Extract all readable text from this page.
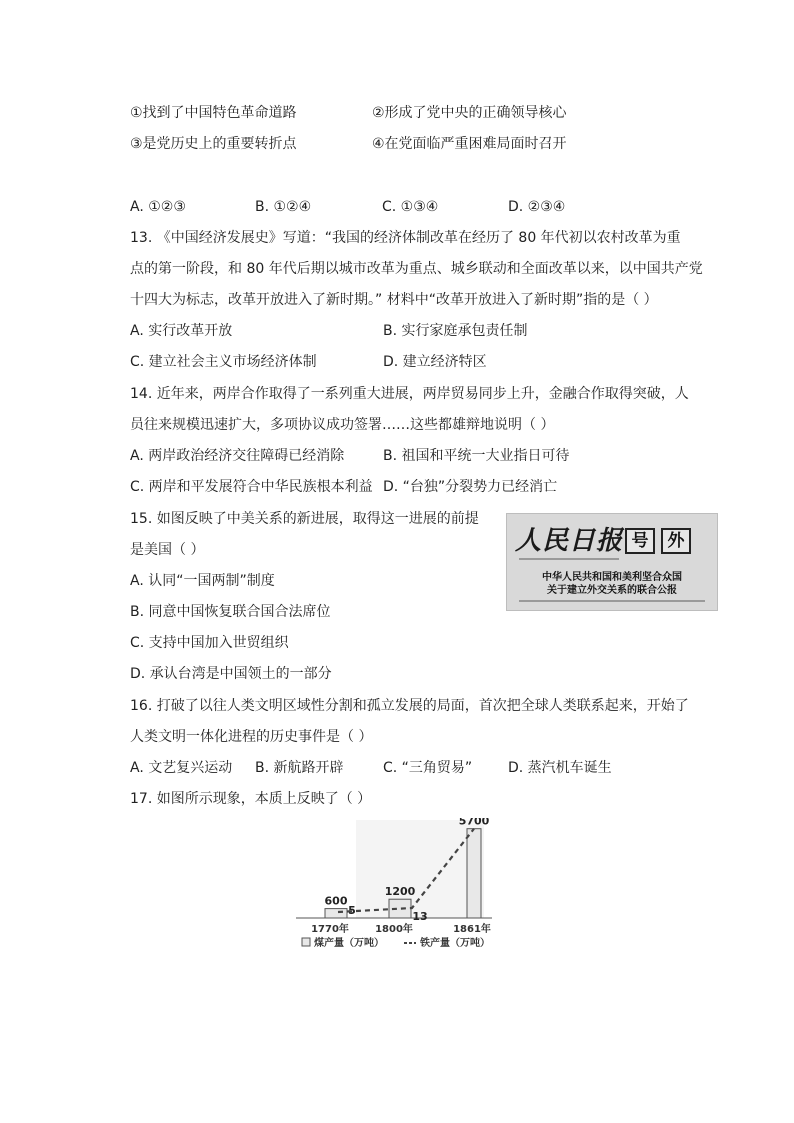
①找到了中国特色革命道路	②形成了党中央的正确领导核心
③是党历史上的重要转折点	④在党面临严重困难局面时召开
A. ①②③	B. ①②④	C. ①③④	D. ②③④
13. 《中国经济发展史》写道：“我国的经济体制改革在经历了 80 年代初以农村改革为重
点的第一阶段，和 80 年代后期以城市改革为重点、城乡联动和全面改革以来，以中国共产党
十四大为标志，改革开放进入了新时期。” 材料中“改革开放进入了新时期”指的是（ ）
A. 实行改革开放	B. 实行家庭承包责任制
C. 建立社会主义市场经济体制	D. 建立经济特区
14. 近年来，两岸合作取得了一系列重大进展，两岸贸易同步上升，金融合作取得突破，人
员往来规模迅速扩大，多项协议成功签署……这些都雄辩地说明（ ）
A. 两岸政治经济交往障碍已经消除	B. 祖国和平统一大业指日可待
C. 两岸和平发展符合中华民族根本利益 D. “台独”分裂势力已经消亡
15. 如图反映了中美关系的新进展，取得这一进展的前提
是美国（ ）
A. 认同“一国两制”制度
B. 同意中国恢复联合国合法席位
C. 支持中国加入世贸组织
D. 承认台湾是中国领土的一部分
人民日报 号	外
中华人民共和国和美利坚合众国
关于建立外交关系的联合公报
16. 打破了以往人类文明区域性分割和孤立发展的局面，首次把全球人类联系起来，开始了
人类文明一体化进程的历史事件是（ ）
A. 文艺复兴运动 B. 新航路开辟	C. “三角贸易”	D. 蒸汽机车诞生
17. 如图所示现象，本质上反映了（ ）
600
1200
5700
5	13
1770年	1800年	1861年
煤产量（万吨）	铁产量（万吨）
